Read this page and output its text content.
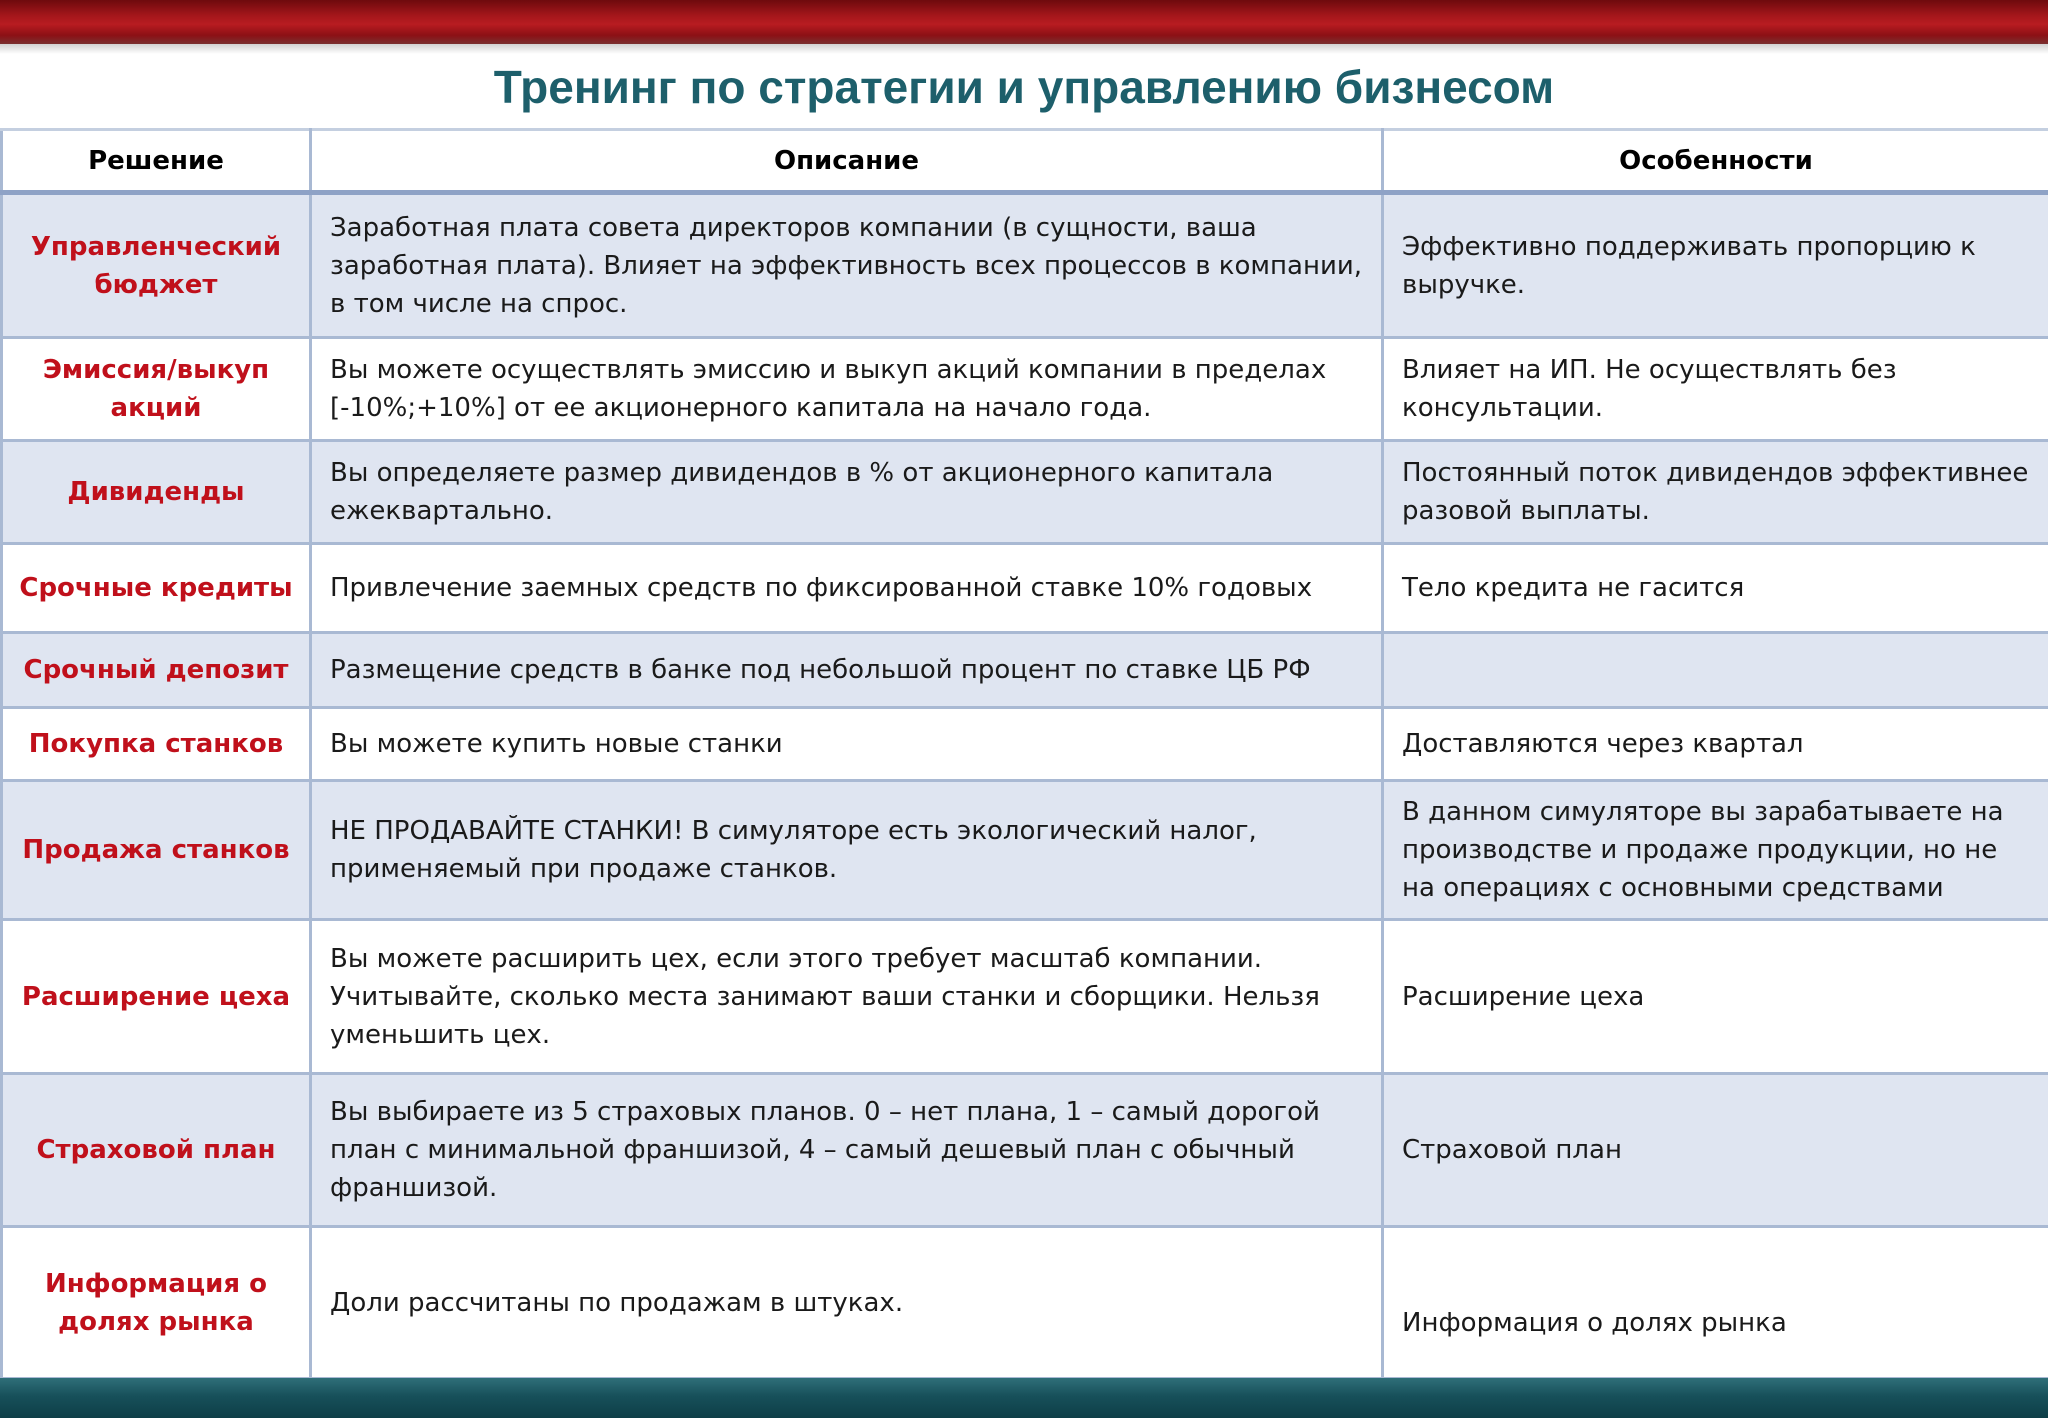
Тренинг по стратегии и управлению бизнесом
Решение	Описание	Особенности
Управленческий бюджет	Заработная плата совета директоров компании (в сущности, ваша заработная плата). Влияет на эффективность всех процессов в компании, в том числе на спрос.	Эффективно поддерживать пропорцию к выручке.
Эмиссия/выкуп акций	Вы можете осуществлять эмиссию и выкуп акций компании в пределах [-10%;+10%] от ее акционерного капитала на начало года.	Влияет на ИП. Не осуществлять без консультации.
Дивиденды	Вы определяете размер дивидендов в % от акционерного капитала ежеквартально.	Постоянный поток дивидендов эффективнее разовой выплаты.
Срочные кредиты	Привлечение заемных средств по фиксированной ставке 10% годовых	Тело кредита не гасится
Срочный депозит	Размещение средств в банке под небольшой процент по ставке ЦБ РФ	
Покупка станков	Вы можете купить новые станки	Доставляются через квартал
Продажа станков	НЕ ПРОДАВАЙТЕ СТАНКИ! В симуляторе есть экологический налог, применяемый при продаже станков.	В данном симуляторе вы зарабатываете на производстве и продаже продукции, но не на операциях с основными средствами
Расширение цеха	Вы можете расширить цех, если этого требует масштаб компании. Учитывайте, сколько места занимают ваши станки и сборщики. Нельзя уменьшить цех.	Расширение цеха
Страховой план	Вы выбираете из 5 страховых планов. 0 – нет плана, 1 – самый дорогой план с минимальной франшизой, 4 – самый дешевый план с обычный франшизой.	Страховой план
Информация о долях рынка	Доли рассчитаны по продажам в штуках.	Информация о долях рынка
